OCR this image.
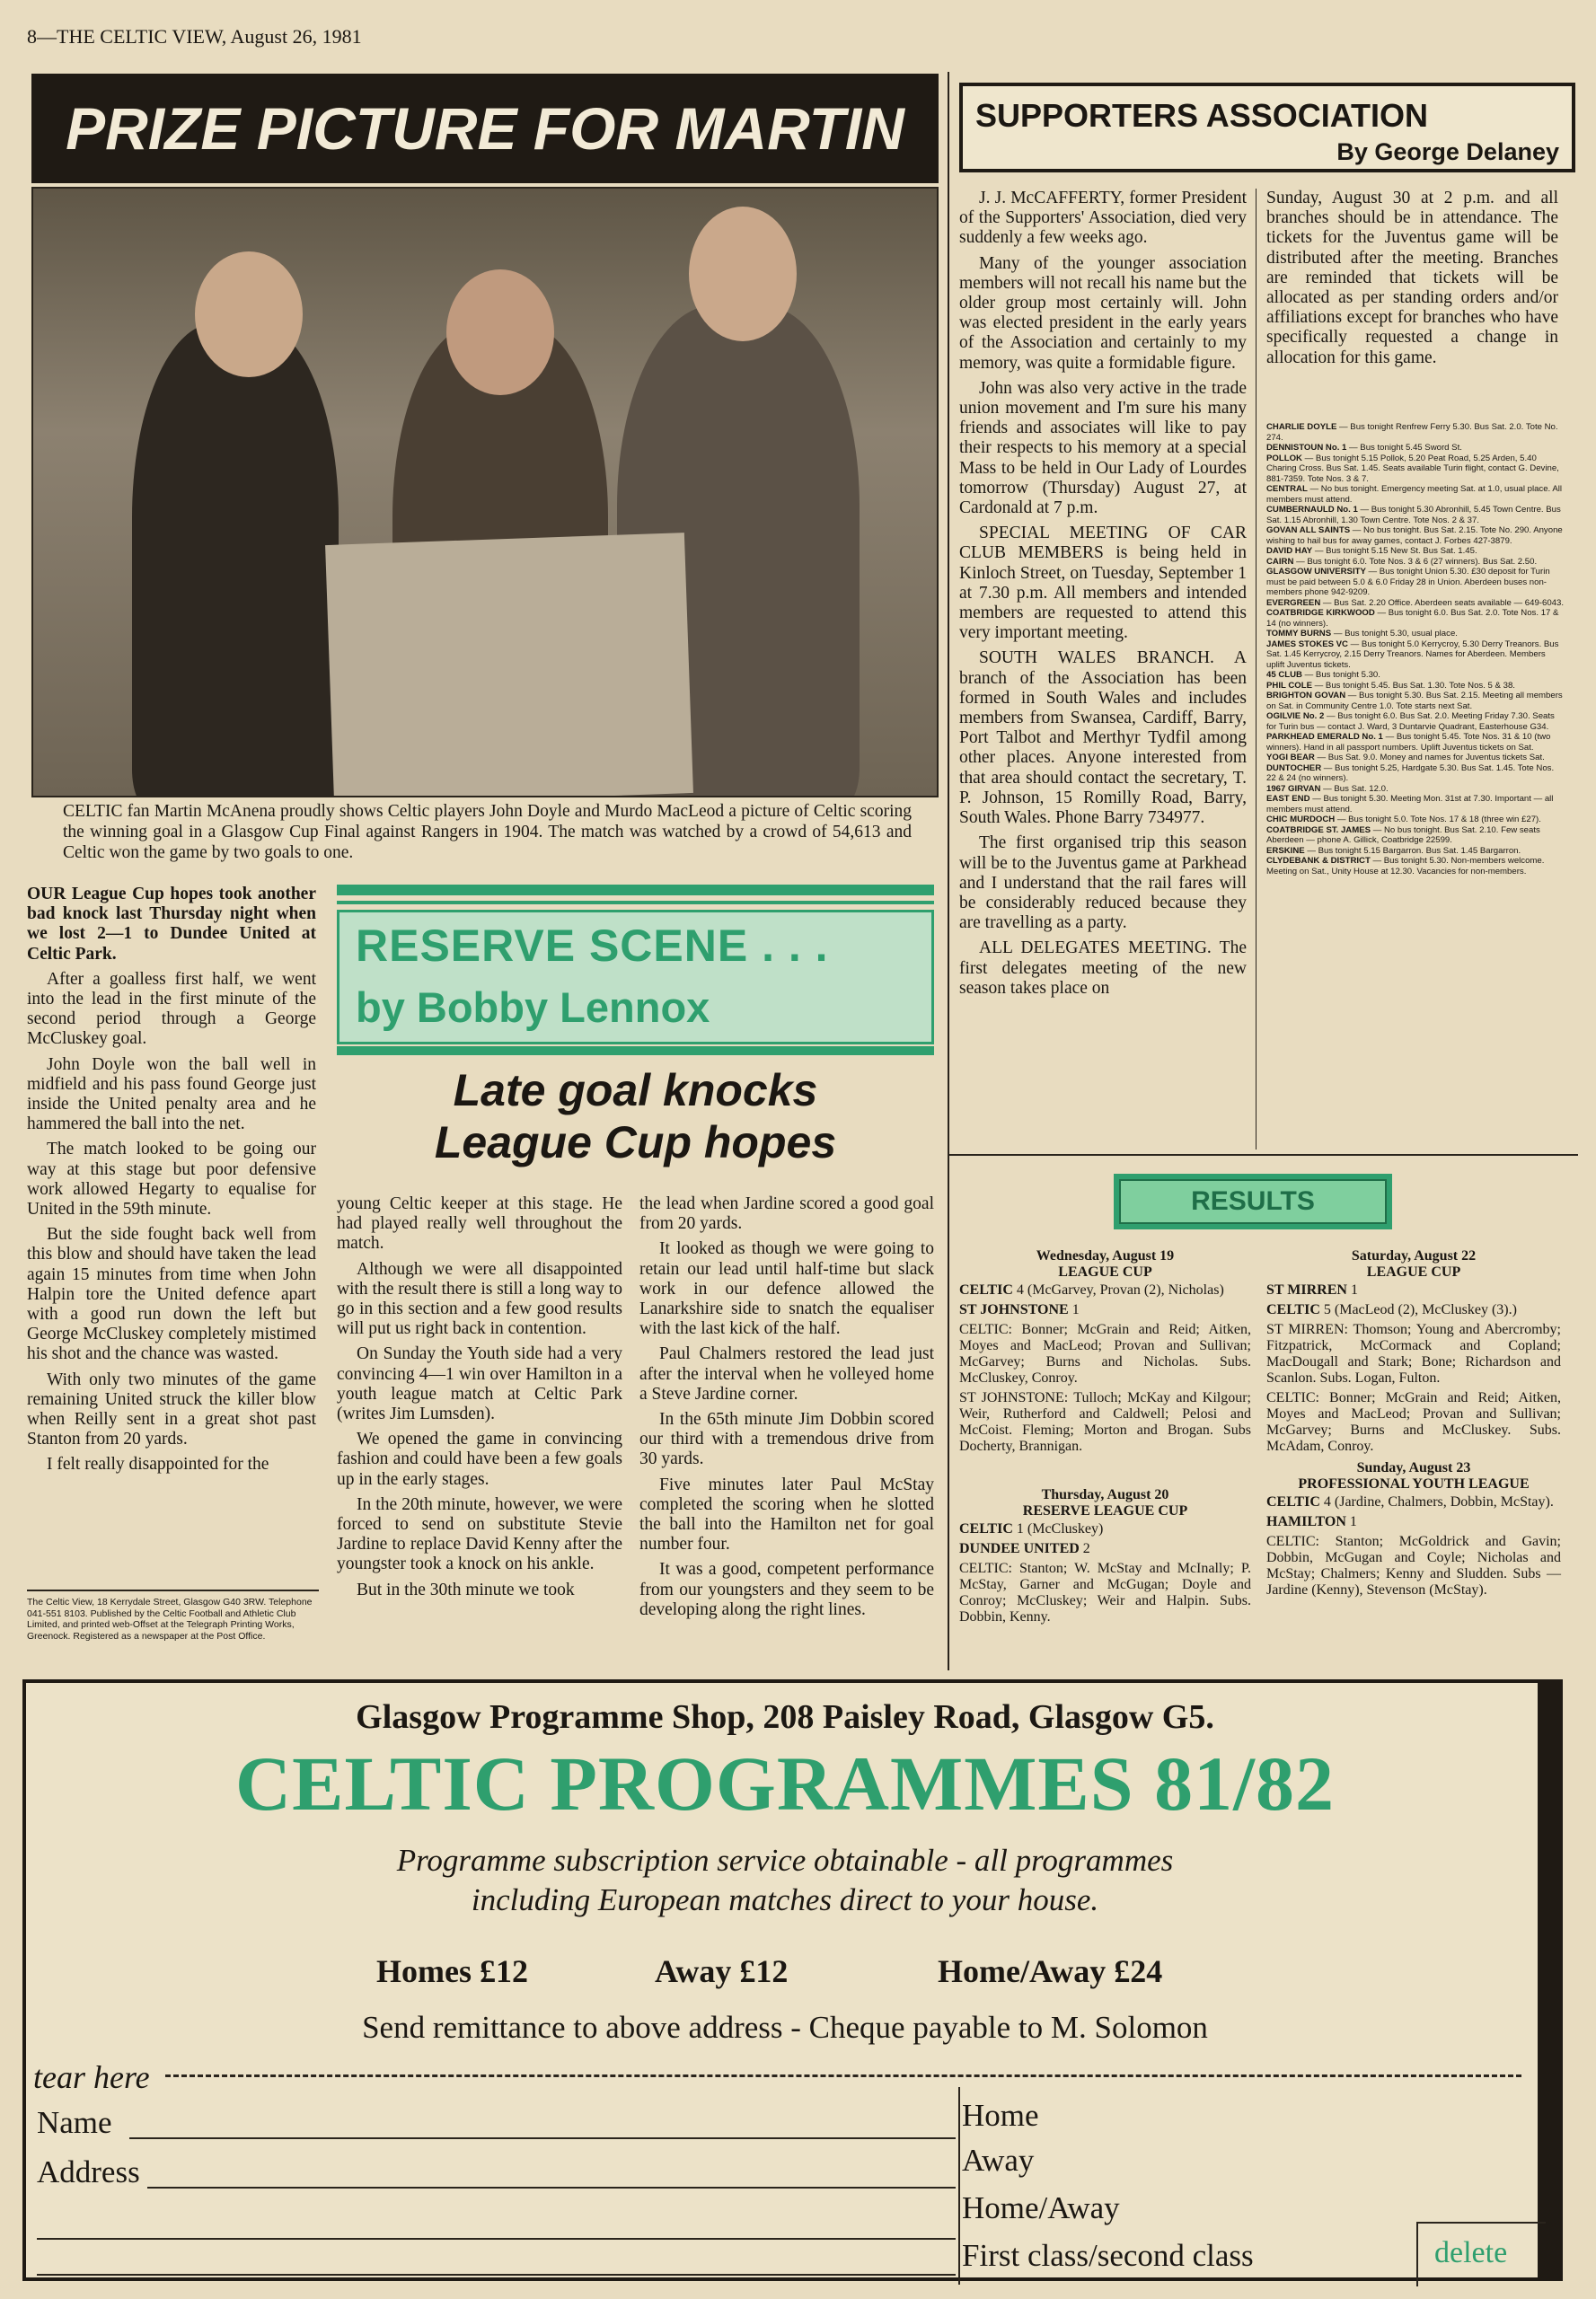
8—THE CELTIC VIEW, August 26, 1981
PRIZE PICTURE FOR MARTIN
CELTIC fan Martin McAnena proudly shows Celtic players John Doyle and Murdo MacLeod a picture of Celtic scoring the winning goal in a Glasgow Cup Final against Rangers in 1904. The match was watched by a crowd of 54,613 and Celtic won the game by two goals to one.
SUPPORTERS ASSOCIATION
By George Delaney

J. J. McCAFFERTY, former President of the Supporters' Association, died very suddenly a few weeks ago.

Many of the younger association members will not recall his name but the older group most certainly will. John was elected president in the early years of the Association and certainly to my memory, was quite a formidable figure.

John was also very active in the trade union movement and I'm sure his many friends and associates will like to pay their respects to his memory at a special Mass to be held in Our Lady of Lourdes tomorrow (Thursday) August 27, at Cardonald at 7 p.m.

SPECIAL MEETING OF CAR CLUB MEMBERS is being held in Kinloch Street, on Tuesday, September 1 at 7.30 p.m. All members and intended members are requested to attend this very important meeting.

SOUTH WALES BRANCH. A branch of the Association has been formed in South Wales and includes members from Swansea, Cardiff, Barry, Port Talbot and Merthyr Tydfil among other places. Anyone interested from that area should contact the secretary, T. P. Johnson, 15 Romilly Road, Barry, South Wales. Phone Barry 734977.

The first organised trip this season will be to the Juventus game at Parkhead and I understand that the rail fares will be considerably reduced because they are travelling as a party.

ALL DELEGATES MEETING. The first delegates meeting of the new season takes place on

Sunday, August 30 at 2 p.m. and all branches should be in attendance. The tickets for the Juventus game will be distributed after the meeting. Branches are reminded that tickets will be allocated as per standing orders and/or affiliations except for branches who have specifically requested a change in allocation for this game.

CHARLIE DOYLE — Bus tonight Renfrew Ferry 5.30. Bus Sat. 2.0. Tote No. 274.
DENNISTOUN No. 1 — Bus tonight 5.45 Sword St.
POLLOK — Bus tonight 5.15 Pollok, 5.20 Peat Road, 5.25 Arden, 5.40 Charing Cross. Bus Sat. 1.45. Seats available Turin flight, contact G. Devine, 881-7359. Tote Nos. 3 & 7.
CENTRAL — No bus tonight. Emergency meeting Sat. at 1.0, usual place. All members must attend.
CUMBERNAULD No. 1 — Bus tonight 5.30 Abronhill, 5.45 Town Centre. Bus Sat. 1.15 Abronhill, 1.30 Town Centre. Tote Nos. 2 & 37.
GOVAN ALL SAINTS — No bus tonight. Bus Sat. 2.15. Tote No. 290. Anyone wishing to hail bus for away games, contact J. Forbes 427-3879.
DAVID HAY — Bus tonight 5.15 New St. Bus Sat. 1.45.
CAIRN — Bus tonight 6.0. Tote Nos. 3 & 6 (27 winners). Bus Sat. 2.50.
GLASGOW UNIVERSITY — Bus tonight Union 5.30. £30 deposit for Turin must be paid between 5.0 & 6.0 Friday 28 in Union. Aberdeen buses non-members phone 942-9209.
EVERGREEN — Bus Sat. 2.20 Office. Aberdeen seats available — 649-6043.
COATBRIDGE KIRKWOOD — Bus tonight 6.0. Bus Sat. 2.0. Tote Nos. 17 & 14 (no winners).
TOMMY BURNS — Bus tonight 5.30, usual place.
JAMES STOKES VC — Bus tonight 5.0 Kerrycroy, 5.30 Derry Treanors. Bus Sat. 1.45 Kerrycroy, 2.15 Derry Treanors. Names for Aberdeen. Members uplift Juventus tickets.
45 CLUB — Bus tonight 5.30.
PHIL COLE — Bus tonight 5.45. Bus Sat. 1.30. Tote Nos. 5 & 38.
BRIGHTON GOVAN — Bus tonight 5.30. Bus Sat. 2.15. Meeting all members on Sat. in Community Centre 1.0. Tote starts next Sat.
OGILVIE No. 2 — Bus tonight 6.0. Bus Sat. 2.0. Meeting Friday 7.30. Seats for Turin bus — contact J. Ward, 3 Duntarvie Quadrant, Easterhouse G34.
PARKHEAD EMERALD No. 1 — Bus tonight 5.45. Tote Nos. 31 & 10 (two winners). Hand in all passport numbers. Uplift Juventus tickets on Sat.
YOGI BEAR — Bus Sat. 9.0. Money and names for Juventus tickets Sat.
DUNTOCHER — Bus tonight 5.25, Hardgate 5.30. Bus Sat. 1.45. Tote Nos. 22 & 24 (no winners).
1967 GIRVAN — Bus Sat. 12.0.
EAST END — Bus tonight 5.30. Meeting Mon. 31st at 7.30. Important — all members must attend.
CHIC MURDOCH — Bus tonight 5.0. Tote Nos. 17 & 18 (three win £27).
COATBRIDGE ST. JAMES — No bus tonight. Bus Sat. 2.10. Few seats Aberdeen — phone A. Gillick, Coatbridge 22599.
ERSKINE — Bus tonight 5.15 Bargarron. Bus Sat. 1.45 Bargarron.
CLYDEBANK & DISTRICT — Bus tonight 5.30. Non-members welcome. Meeting on Sat., Unity House at 12.30. Vacancies for non-members.

OUR League Cup hopes took another bad knock last Thursday night when we lost 2—1 to Dundee United at Celtic Park.

After a goalless first half, we went into the lead in the first minute of the second period through a George McCluskey goal.

John Doyle won the ball well in midfield and his pass found George just inside the United penalty area and he hammered the ball into the net.

The match looked to be going our way at this stage but poor defensive work allowed Hegarty to equalise for United in the 59th minute.

But the side fought back well from this blow and should have taken the lead again 15 minutes from time when John Halpin tore the United defence apart with a good run down the left but George McCluskey completely mistimed his shot and the chance was wasted.

With only two minutes of the game remaining United struck the killer blow when Reilly sent in a great shot past Stanton from 20 yards.

I felt really disappointed for the

The Celtic View, 18 Kerrydale Street, Glasgow G40 3RW. Telephone 041-551 8103. Published by the Celtic Football and Athletic Club Limited, and printed web-Offset at the Telegraph Printing Works, Greenock. Registered as a newspaper at the Post Office.
RESERVE SCENE . . .
by Bobby Lennox
Late goal knocks
League Cup hopes

young Celtic keeper at this stage. He had played really well throughout the match.

Although we were all disappointed with the result there is still a long way to go in this section and a few good results will put us right back in contention.

On Sunday the Youth side had a very convincing 4—1 win over Hamilton in a youth league match at Celtic Park (writes Jim Lumsden).

We opened the game in convincing fashion and could have been a few goals up in the early stages.

In the 20th minute, however, we were forced to send on substitute Stevie Jardine to replace David Kenny after the youngster took a knock on his ankle.

But in the 30th minute we took

the lead when Jardine scored a good goal from 20 yards.

It looked as though we were going to retain our lead until half-time but slack work in our defence allowed the Lanarkshire side to snatch the equaliser with the last kick of the half.

Paul Chalmers restored the lead just after the interval when he volleyed home a Steve Jardine corner.

In the 65th minute Jim Dobbin scored our third with a tremendous drive from 30 yards.

Five minutes later Paul McStay completed the scoring when he slotted the ball into the Hamilton net for goal number four.

It was a good, competent performance from our youngsters and they seem to be developing along the right lines.

RESULTS
Wednesday, August 19
LEAGUE CUP

CELTIC 4 (McGarvey, Provan (2), Nicholas)

ST JOHNSTONE 1

CELTIC: Bonner; McGrain and Reid; Aitken, Moyes and MacLeod; Provan and Sullivan; McGarvey; Burns and Nicholas. Subs. McCluskey, Conroy.

ST JOHNSTONE: Tulloch; McKay and Kilgour; Weir, Rutherford and Caldwell; Pelosi and McCoist. Fleming; Morton and Brogan. Subs Docherty, Brannigan.

Thursday, August 20
RESERVE LEAGUE CUP

CELTIC 1 (McCluskey)

DUNDEE UNITED 2

CELTIC: Stanton; W. McStay and McInally; P. McStay, Garner and McGugan; Doyle and Conroy; McCluskey; Weir and Halpin. Subs. Dobbin, Kenny.

Saturday, August 22
LEAGUE CUP

ST MIRREN 1

CELTIC 5 (MacLeod (2), McCluskey (3).)

ST MIRREN: Thomson; Young and Abercromby; Fitzpatrick, McCormack and Copland; MacDougall and Stark; Bone; Richardson and Scanlon. Subs. Logan, Fulton.

CELTIC: Bonner; McGrain and Reid; Aitken, Moyes and MacLeod; Provan and Sullivan; McGarvey; Burns and McCluskey. Subs. McAdam, Conroy.

Sunday, August 23
PROFESSIONAL YOUTH LEAGUE

CELTIC 4 (Jardine, Chalmers, Dobbin, McStay).

HAMILTON 1

CELTIC: Stanton; McGoldrick and Gavin; Dobbin, McGugan and Coyle; Nicholas and McStay; Chalmers; Kenny and Sludden. Subs — Jardine (Kenny), Stevenson (McStay).

Glasgow Programme Shop, 208 Paisley Road, Glasgow G5.
CELTIC PROGRAMMES 81/82
Programme subscription service obtainable - all programmes
including European matches direct to your house.
Homes £12	Away £12	Home/Away £24
Send remittance to above address - Cheque payable to M. Solomon
tear here
Name
Address
Home
Away
Home/Away
First class/second class	delete
